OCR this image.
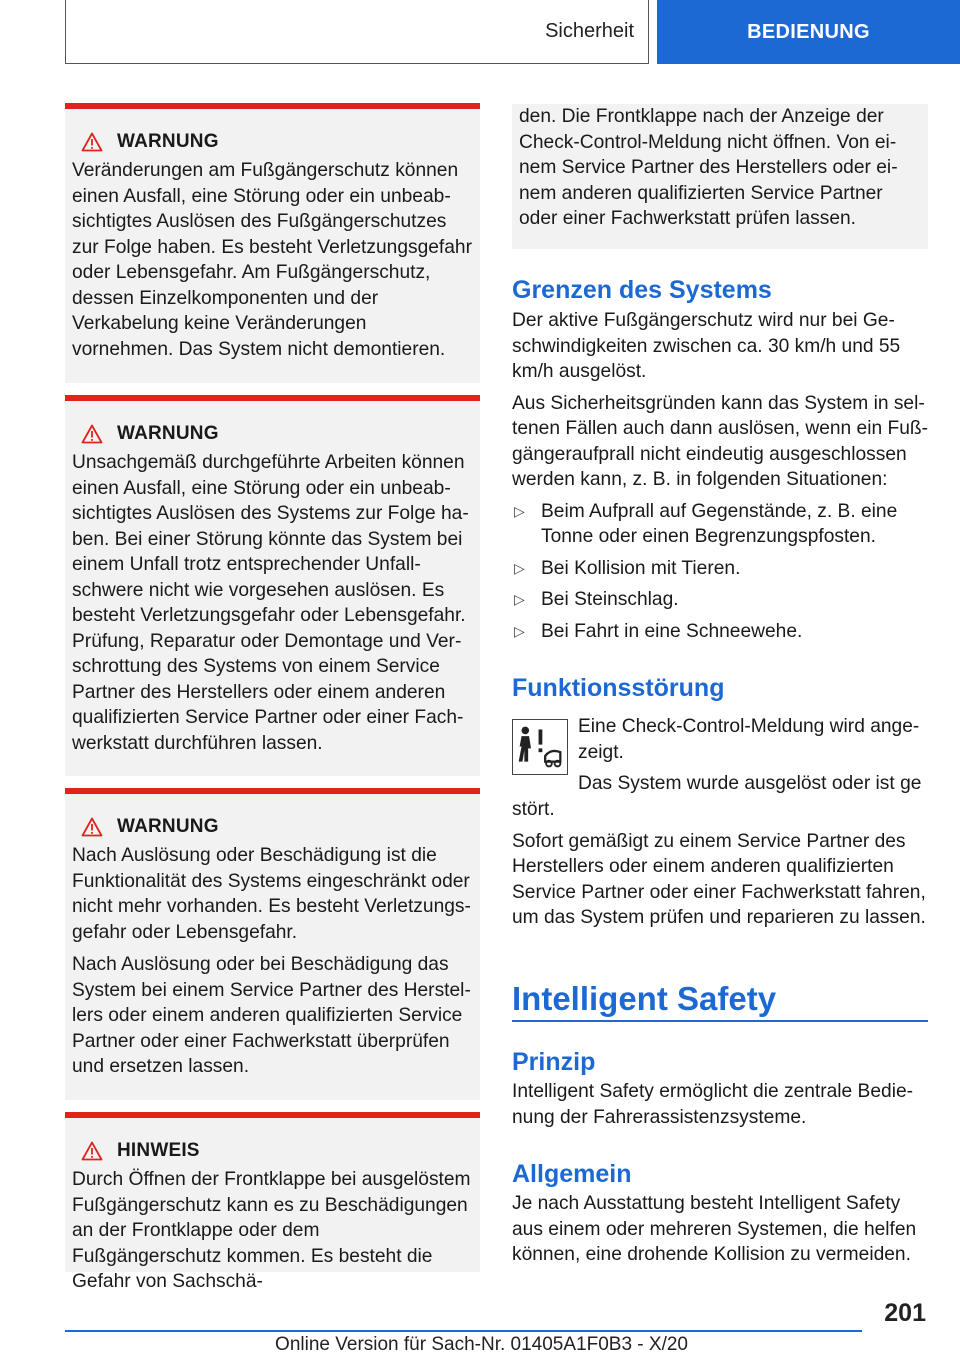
Sicherheit	BEDIENUNG
WARNUNG

Veränderungen am Fußgängerschutz können einen Ausfall, eine Störung oder ein unbeabsichtigtes Auslösen des Fußgängerschutzes zur Folge haben. Es besteht Verletzungsgefahr oder Lebensgefahr. Am Fußgängerschutz, dessen Einzelkomponenten und der Verkabelung keine Veränderungen vornehmen. Das System nicht demontieren.

WARNUNG

Unsachgemäß durchgeführte Arbeiten können einen Ausfall, eine Störung oder ein unbeabsichtigtes Auslösen des Systems zur Folge haben. Bei einer Störung könnte das System bei einem Unfall trotz entsprechender Unfallschwere nicht wie vorgesehen auslösen. Es besteht Verletzungsgefahr oder Lebensgefahr. Prüfung, Reparatur oder Demontage und Verschrottung des Systems von einem Service Partner des Herstellers oder einem anderen qualifizierten Service Partner oder einer Fachwerkstatt durchführen lassen.

WARNUNG

Nach Auslösung oder Beschädigung ist die Funktionalität des Systems eingeschränkt oder nicht mehr vorhanden. Es besteht Verletzungsgefahr oder Lebensgefahr.

Nach Auslösung oder bei Beschädigung das System bei einem Service Partner des Herstellers oder einem anderen qualifizierten Service Partner oder einer Fachwerkstatt überprüfen und ersetzen lassen.

HINWEIS

Durch Öffnen der Frontklappe bei ausgelöstem Fußgängerschutz kann es zu Beschädigungen an der Frontklappe oder dem Fußgängerschutz kommen. Es besteht die Gefahr von Sachschä-

den. Die Frontklappe nach der Anzeige der Check-Control-Meldung nicht öffnen. Von einem Service Partner des Herstellers oder einem anderen qualifizierten Service Partner oder einer Fachwerkstatt prüfen lassen.

Grenzen des Systems

Der aktive Fußgängerschutz wird nur bei Geschwindigkeiten zwischen ca. 30 km/h und 55 km/h ausgelöst.

Aus Sicherheitsgründen kann das System in seltenen Fällen auch dann auslösen, wenn ein Fußgängeraufprall nicht eindeutig ausgeschlossen werden kann, z. B. in folgenden Situationen:

▷ Beim Aufprall auf Gegenstände, z. B. eine Tonne oder einen Begrenzungspfosten.
▷ Bei Kollision mit Tieren.
▷ Bei Steinschlag.
▷ Bei Fahrt in eine Schneewehe.
Funktionsstörung

Eine Check-Control-Meldung wird angezeigt.

Das System wurde ausgelöst oder ist ge

stört.

Sofort gemäßigt zu einem Service Partner des Herstellers oder einem anderen qualifizierten Service Partner oder einer Fachwerkstatt fahren, um das System prüfen und reparieren zu lassen.

Intelligent Safety
Prinzip

Intelligent Safety ermöglicht die zentrale Bedienung der Fahrerassistenzsysteme.

Allgemein

Je nach Ausstattung besteht Intelligent Safety aus einem oder mehreren Systemen, die helfen können, eine drohende Kollision zu vermeiden.

201
Online Version für Sach-Nr. 01405A1F0B3 - X/20
